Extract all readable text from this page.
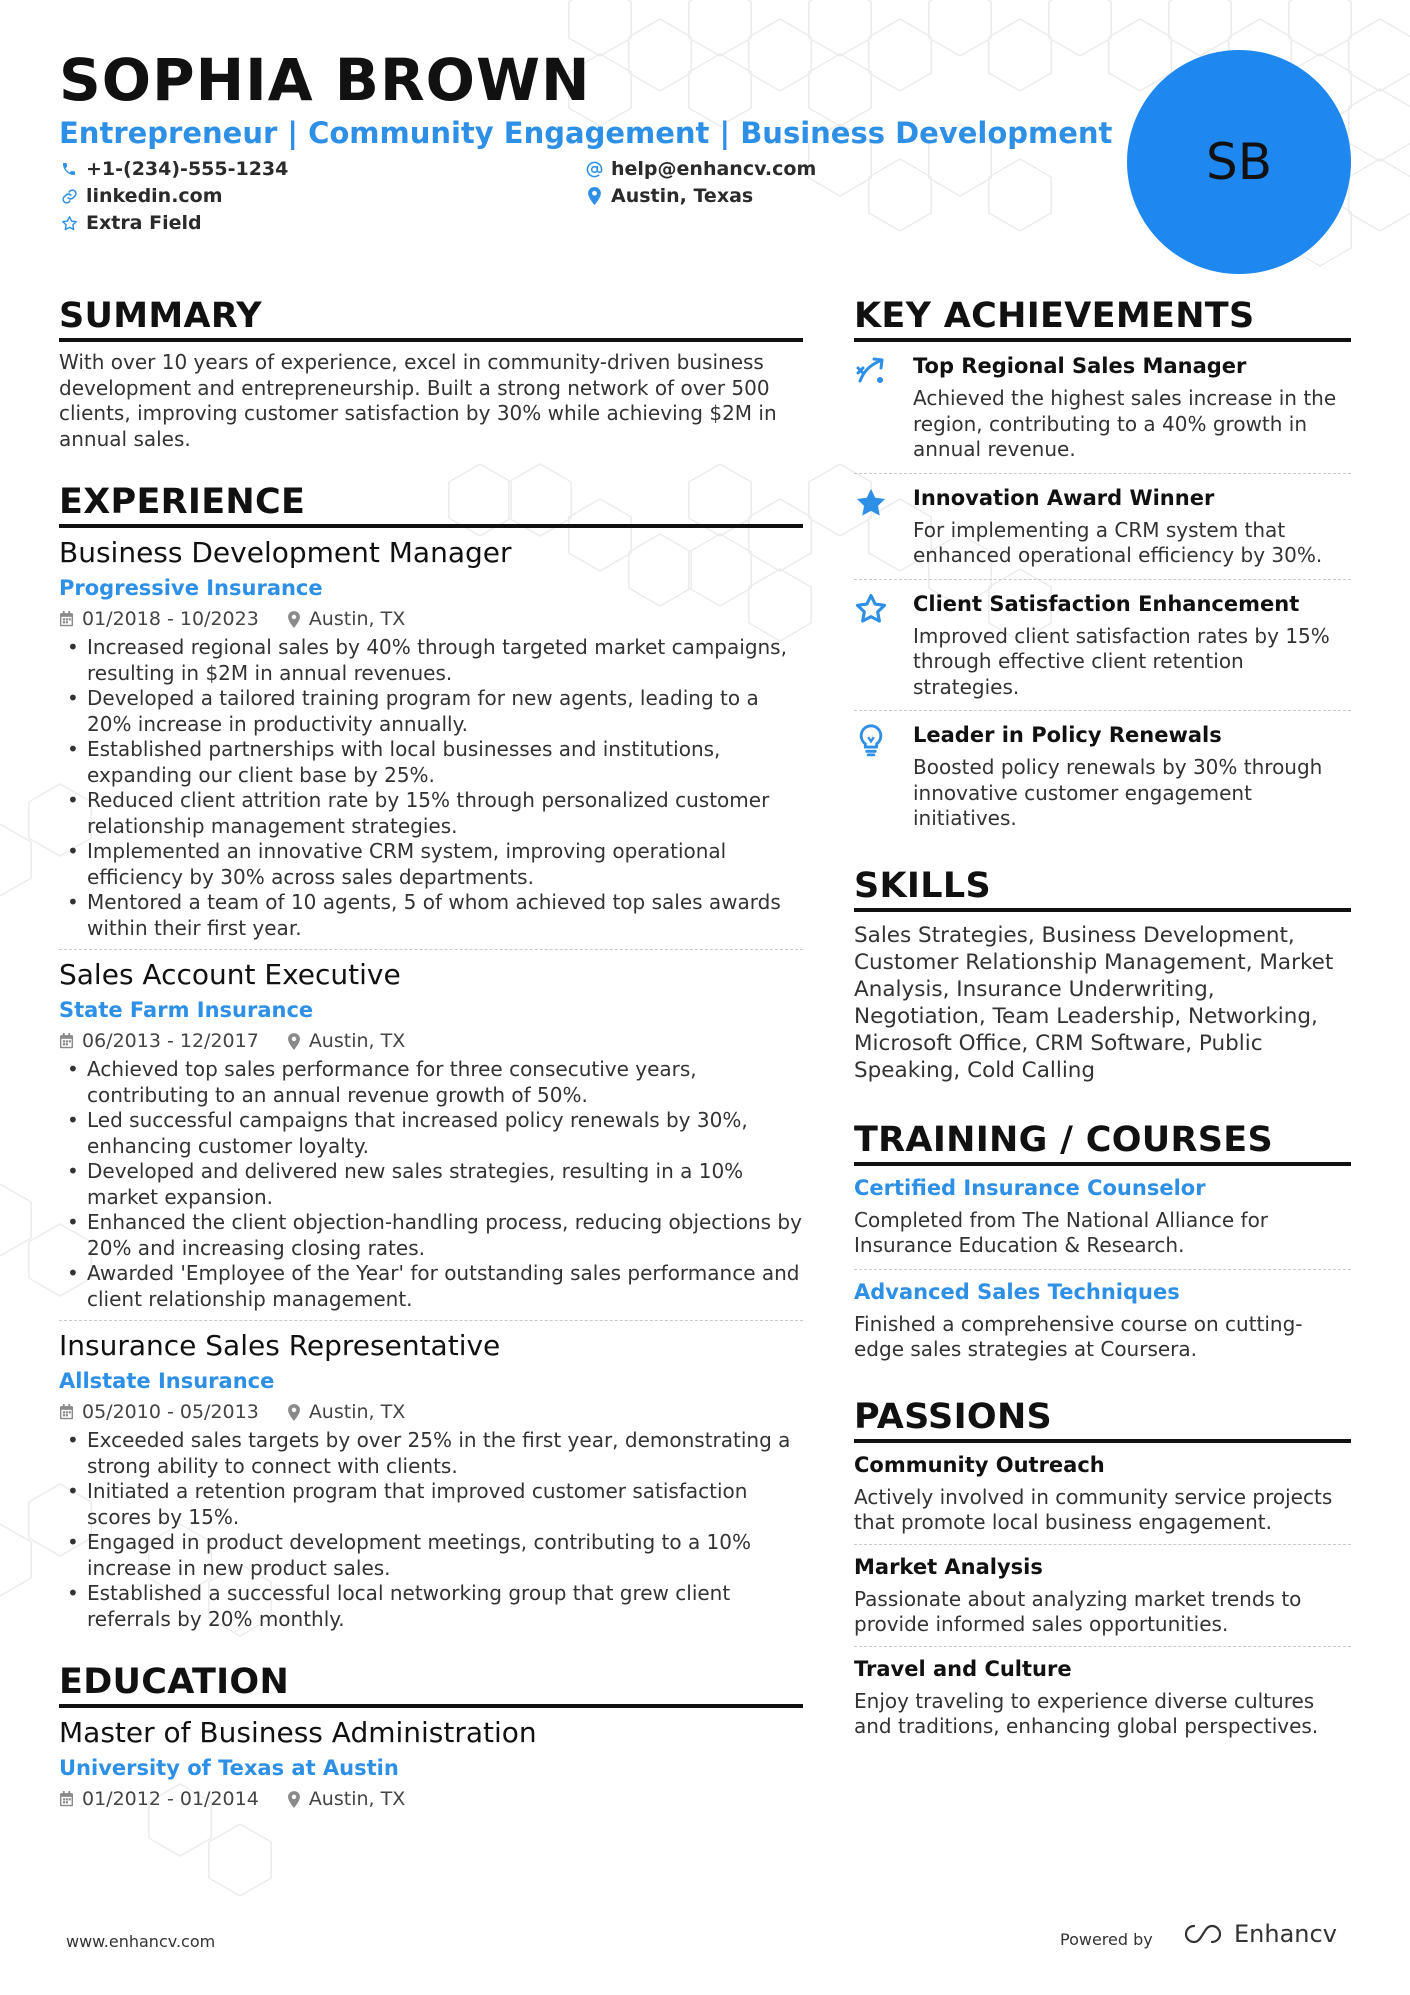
SOPHIA BROWN
Entrepreneur | Community Engagement | Business Development
+1-(234)-555-1234	help@enhancv.com
linkedin.com	Austin, Texas
Extra Field
SB
SUMMARY
With over 10 years of experience, excel in community-driven business development and entrepreneurship. Built a strong network of over 500 clients, improving customer satisfaction by 30% while achieving $2M in annual sales.
EXPERIENCE
Business Development Manager
Progressive Insurance
01/2018 - 10/2023	Austin, TX
• Increased regional sales by 40% through targeted market campaigns, resulting in $2M in annual revenues.
• Developed a tailored training program for new agents, leading to a 20% increase in productivity annually.
• Established partnerships with local businesses and institutions, expanding our client base by 25%.
• Reduced client attrition rate by 15% through personalized customer relationship management strategies.
• Implemented an innovative CRM system, improving operational efficiency by 30% across sales departments.
• Mentored a team of 10 agents, 5 of whom achieved top sales awards within their first year.
Sales Account Executive
State Farm Insurance
06/2013 - 12/2017	Austin, TX
• Achieved top sales performance for three consecutive years, contributing to an annual revenue growth of 50%.
• Led successful campaigns that increased policy renewals by 30%, enhancing customer loyalty.
• Developed and delivered new sales strategies, resulting in a 10% market expansion.
• Enhanced the client objection-handling process, reducing objections by 20% and increasing closing rates.
• Awarded 'Employee of the Year' for outstanding sales performance and client relationship management.
Insurance Sales Representative
Allstate Insurance
05/2010 - 05/2013	Austin, TX
• Exceeded sales targets by over 25% in the first year, demonstrating a strong ability to connect with clients.
• Initiated a retention program that improved customer satisfaction scores by 15%.
• Engaged in product development meetings, contributing to a 10% increase in new product sales.
• Established a successful local networking group that grew client referrals by 20% monthly.
EDUCATION
Master of Business Administration
University of Texas at Austin
01/2012 - 01/2014	Austin, TX
KEY ACHIEVEMENTS
Top Regional Sales Manager
Achieved the highest sales increase in the region, contributing to a 40% growth in annual revenue.
Innovation Award Winner
For implementing a CRM system that enhanced operational efficiency by 30%.
Client Satisfaction Enhancement
Improved client satisfaction rates by 15% through effective client retention strategies.
Leader in Policy Renewals
Boosted policy renewals by 30% through innovative customer engagement initiatives.
SKILLS
Sales Strategies, Business Development, Customer Relationship Management, Market Analysis, Insurance Underwriting, Negotiation, Team Leadership, Networking, Microsoft Office, CRM Software, Public Speaking, Cold Calling
TRAINING / COURSES
Certified Insurance Counselor
Completed from The National Alliance for Insurance Education & Research.
Advanced Sales Techniques
Finished a comprehensive course on cutting-edge sales strategies at Coursera.
PASSIONS
Community Outreach
Actively involved in community service projects that promote local business engagement.
Market Analysis
Passionate about analyzing market trends to provide informed sales opportunities.
Travel and Culture
Enjoy traveling to experience diverse cultures and traditions, enhancing global perspectives.
www.enhancv.com	Powered by	Enhancv
